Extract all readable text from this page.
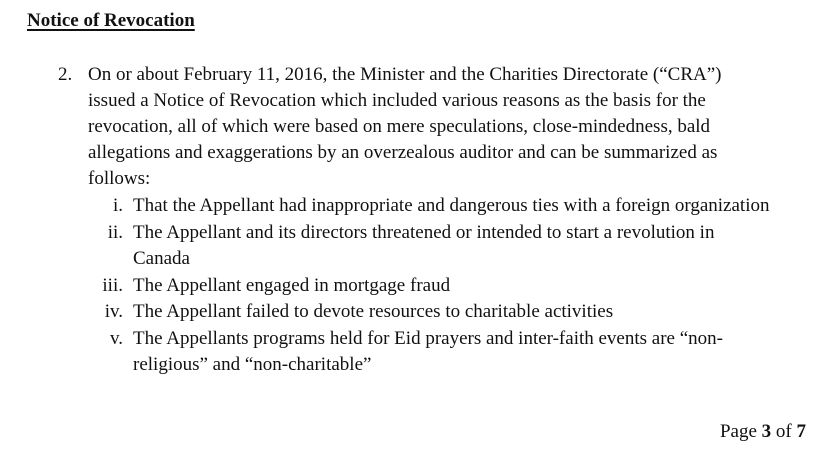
Notice of Revocation
2. On or about February 11, 2016, the Minister and the Charities Directorate (“CRA”)
issued a Notice of Revocation which included various reasons as the basis for the
revocation, all of which were based on mere speculations, close-mindedness, bald
allegations and exaggerations by an overzealous auditor and can be summarized as
follows:
i. That the Appellant had inappropriate and dangerous ties with a foreign organization
ii. The Appellant and its directors threatened or intended to start a revolution in
Canada
iii. The Appellant engaged in mortgage fraud
iv. The Appellant failed to devote resources to charitable activities
v. The Appellants programs held for Eid prayers and inter-faith events are “non-
religious” and “non-charitable”
Page 3 of 7
